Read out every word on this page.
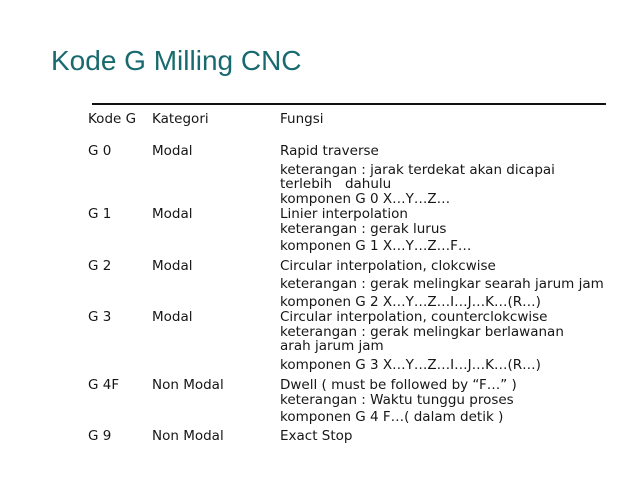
Kode G Milling CNC
Kode G	Kategori	Fungsi
G 0	Modal	Rapid traverse
keterangan : jarak terdekat akan dicapai
terlebih   dahulu
komponen G 0 X…Y…Z…
G 1	Modal	Linier interpolation
keterangan : gerak lurus
komponen G 1 X…Y…Z…F…
G 2	Modal	Circular interpolation, clokcwise
keterangan : gerak melingkar searah jarum jam
komponen G 2 X…Y…Z…I…J…K…(R…)
G 3	Modal	Circular interpolation, counterclokcwise
keterangan : gerak melingkar berlawanan
arah jarum jam
komponen G 3 X…Y…Z…I…J…K…(R…)
G 4F	Non Modal	Dwell ( must be followed by “F…” )
keterangan : Waktu tunggu proses
komponen G 4 F…( dalam detik )
G 9	Non Modal	Exact Stop
